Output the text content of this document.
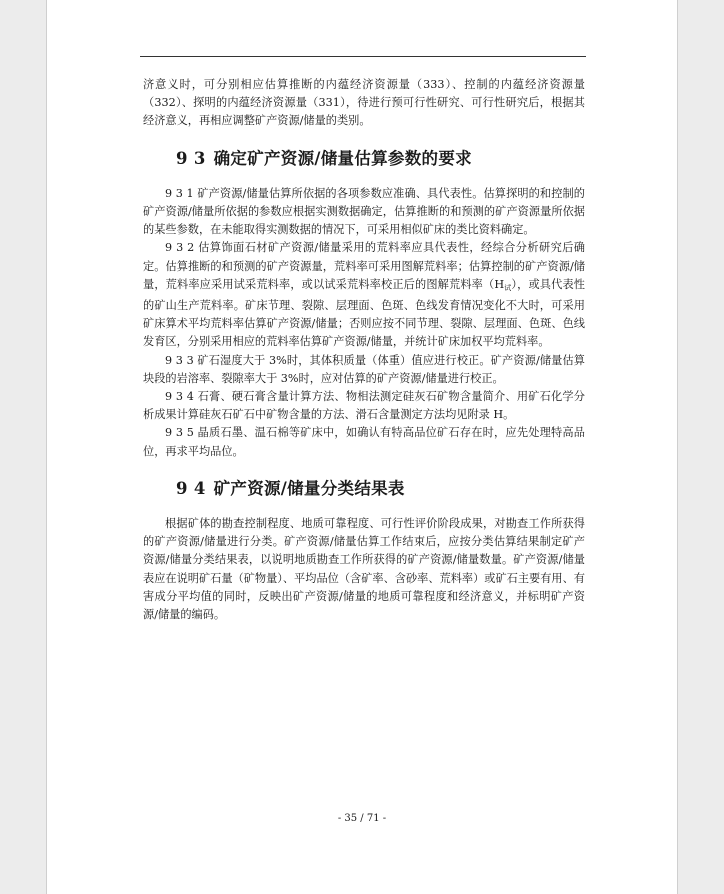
济意义时，可分别相应估算推断的内蕴经济资源量（333）、控制的内蕴经济资源量（332）、探明的内蕴经济资源量（331），待进行预可行性研究、可行性研究后，根据其经济意义，再相应调整矿产资源/储量的类别。

9 3 确定矿产资源/储量估算参数的要求

9 3 1 矿产资源/储量估算所依据的各项参数应准确、具代表性。估算探明的和控制的矿产资源/储量所依据的参数应根据实测数据确定，估算推断的和预测的矿产资源量所依据的某些参数，在未能取得实测数据的情况下，可采用相似矿床的类比资料确定。

9 3 2 估算饰面石材矿产资源/储量采用的荒料率应具代表性，经综合分析研究后确定。估算推断的和预测的矿产资源量，荒料率可采用图解荒料率；估算控制的矿产资源/储量，荒料率应采用试采荒料率，或以试采荒料率校正后的图解荒料率$(H_试)$，或具代表性的矿山生产荒料率。矿床节理、裂隙、层理面、色斑、色线发育情况变化不大时，可采用矿床算术平均荒料率估算矿产资源/储量；否则应按不同节理、裂隙、层理面、色斑、色线发育区，分别采用相应的荒料率估算矿产资源/储量，并统计矿床加权平均荒料率。

9 3 3 矿石湿度大于 3%时，其体积质量（体重）值应进行校正。矿产资源/储量估算块段的岩溶率、裂隙率大于 3%时，应对估算的矿产资源/储量进行校正。

9 3 4 石膏、硬石膏含量计算方法、物相法测定硅灰石矿物含量简介、用矿石化学分析成果计算硅灰石矿石中矿物含量的方法、滑石含量测定方法均见附录 H。

9 3 5 晶质石墨、温石棉等矿床中，如确认有特高品位矿石存在时，应先处理特高品位，再求平均品位。

9 4 矿产资源/储量分类结果表

根据矿体的勘查控制程度、地质可靠程度、可行性评价阶段成果，对勘查工作所获得的矿产资源/储量进行分类。矿产资源/储量估算工作结束后，应按分类估算结果制定矿产资源/储量分类结果表，以说明地质勘查工作所获得的矿产资源/储量数量。矿产资源/储量表应在说明矿石量（矿物量）、平均品位（含矿率、含砂率、荒料率）或矿石主要有用、有害成分平均值的同时，反映出矿产资源/储量的地质可靠程度和经济意义，并标明矿产资源/储量的编码。

- 35 / 71 -
